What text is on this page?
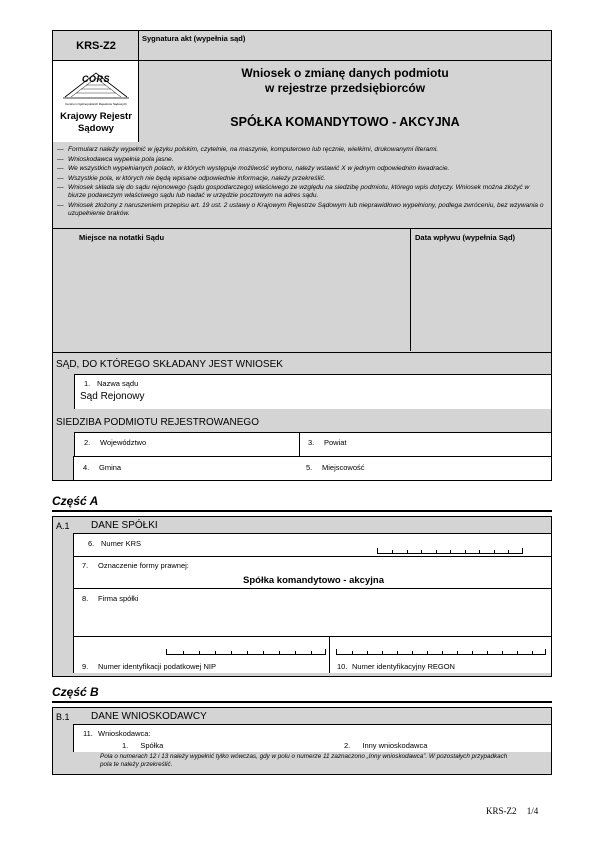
KRS-Z2
Sygnatura akt (wypełnia sąd)
CORS
Centrum Ogólnopolskich Rejestrów Sądowych
Krajowy Rejestr Sądowy
Wniosek o zmianę danych podmiotu
w rejestrze przedsiębiorców
SPÓŁKA KOMANDYTOWO - AKCYJNA
— Formularz należy wypełnić w języku polskim, czytelnie, na maszynie, komputerowo lub ręcznie, wielkimi, drukowanymi literami.
— Wnioskodawca wypełnia pola jasne.
— We wszystkich wypełnianych polach, w których występuje możliwość wyboru, należy wstawić X w jednym odpowiednim kwadracie.
— Wszystkie pola, w których nie będą wpisane odpowiednie informacje, należy przekreślić.
— Wniosek składa się do sądu rejonowego (sądu gospodarczego) właściwego ze względu na siedzibę podmiotu, którego wpis dotyczy. Wniosek można złożyć w biurze podawczym właściwego sądu lub nadać w urzędzie pocztowym na adres sądu.
— Wniosek złożony z naruszeniem przepisu art. 19 ust. 2 ustawy o Krajowym Rejestrze Sądowym lub nieprawidłowo wypełniony, podlega zwróceniu, bez wzywania o uzupełnienie braków.
Miejsce na notatki Sądu	Data wpływu (wypełnia Sąd)
SĄD, DO KTÓREGO SKŁADANY JEST WNIOSEK
1. Nazwa sądu
Sąd Rejonowy
SIEDZIBA PODMIOTU REJESTROWANEGO
2. Województwo	3. Powiat
4. Gmina	5. Miejscowość
Część A
A.1 DANE SPÓŁKI
6. Numer KRS
7. Oznaczenie formy prawnej:
Spółka komandytowo - akcyjna
8. Firma spółki
9. Numer identyfikacji podatkowej NIP	10. Numer identyfikacyjny REGON
Część B
B.1 DANE WNIOSKODAWCY
11. Wnioskodawca:
1. Spółka	2. Inny wnioskodawca
Pola o numerach 12 i 13 należy wypełnić tylko wówczas, gdy w polu o numerze 11 zaznaczono „Inny wnioskodawca”. W pozostałych przypadkach pola te należy przekreślić.
KRS-Z2 1/4
